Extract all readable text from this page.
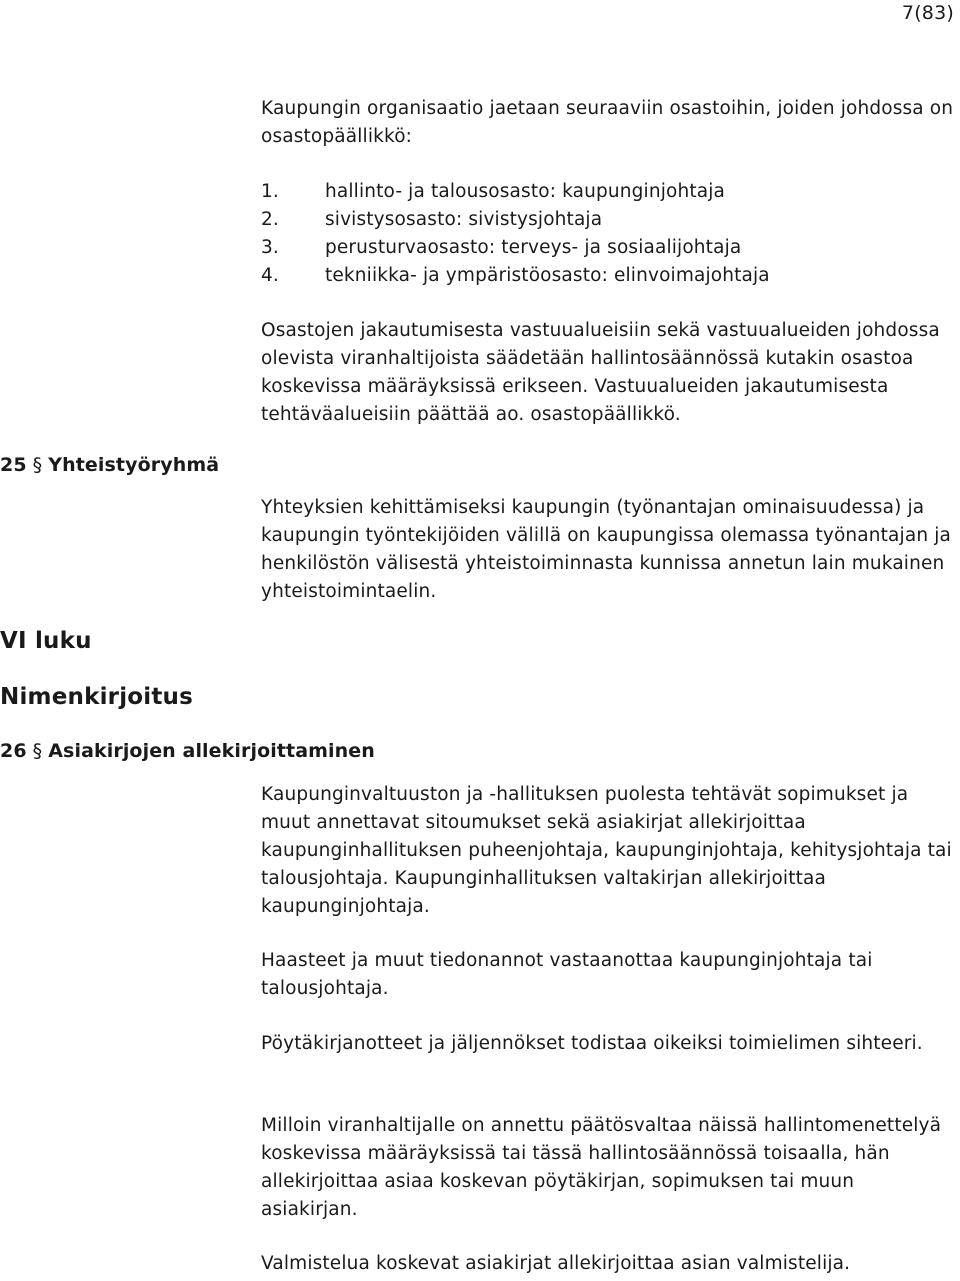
7(83)

Kaupungin organisaatio jaetaan seuraaviin osastoihin, joiden johdossa on osastopäällikkö:

1.	hallinto- ja talousosasto: kaupunginjohtaja
2.	sivistysosasto: sivistysjohtaja
3.	perusturvaosasto: terveys- ja sosiaalijohtaja
4.	tekniikka- ja ympäristöosasto: elinvoimajohtaja

Osastojen jakautumisesta vastuualueisiin sekä vastuualueiden johdossa olevista viranhaltijoista säädetään hallintosäännössä kutakin osastoa koskevissa määräyksissä erikseen. Vastuualueiden jakautumisesta tehtäväalueisiin päättää ao. osastopäällikkö.

25 § Yhteistyöryhmä

Yhteyksien kehittämiseksi kaupungin (työnantajan ominaisuudessa) ja kaupungin työntekijöiden välillä on kaupungissa olemassa työnantajan ja henkilöstön välisestä yhteistoiminnasta kunnissa annetun lain mukainen yhteistoimintaelin.

VI luku
Nimenkirjoitus
26 § Asiakirjojen allekirjoittaminen

Kaupunginvaltuuston ja -hallituksen puolesta tehtävät sopimukset ja muut annettavat sitoumukset sekä asiakirjat allekirjoittaa kaupunginhallituksen puheenjohtaja, kaupunginjohtaja, kehitysjohtaja tai talousjohtaja. Kaupunginhallituksen valtakirjan allekirjoittaa kaupunginjohtaja.

Haasteet ja muut tiedonannot vastaanottaa kaupunginjohtaja tai talousjohtaja.

Pöytäkirjanotteet ja jäljennökset todistaa oikeiksi toimielimen sihteeri.

Milloin viranhaltijalle on annettu päätösvaltaa näissä hallintomenettelyä koskevissa määräyksissä tai tässä hallintosäännössä toisaalla, hän allekirjoittaa asiaa koskevan pöytäkirjan, sopimuksen tai muun asiakirjan.

Valmistelua koskevat asiakirjat allekirjoittaa asian valmistelija.
